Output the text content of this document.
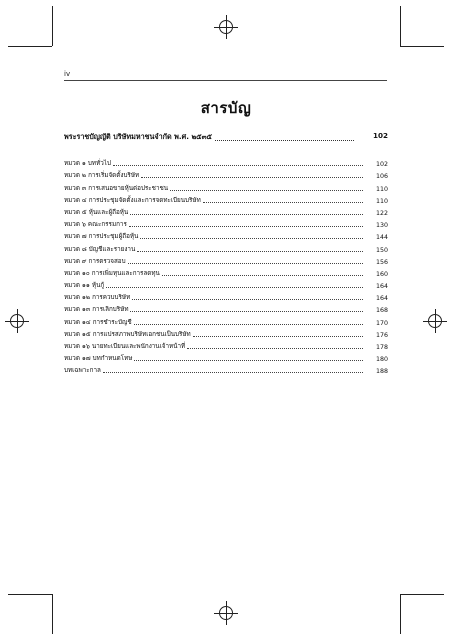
iv
สารบัญ
พระราชบัญญัติ บริษัทมหาชนจำกัด พ.ศ. ๒๕๓๕	102
หมวด ๑ บททั่วไป	102
หมวด ๒ การเริ่มจัดตั้งบริษัท	106
หมวด ๓ การเสนอขายหุ้นต่อประชาชน	110
หมวด ๔ การประชุมจัดตั้งและการจดทะเบียนบริษัท	110
หมวด ๕ หุ้นและผู้ถือหุ้น	122
หมวด ๖ คณะกรรมการ	130
หมวด ๗ การประชุมผู้ถือหุ้น	144
หมวด ๘ บัญชีและรายงาน	150
หมวด ๙ การตรวจสอบ	156
หมวด ๑๐ การเพิ่มทุนและการลดทุน	160
หมวด ๑๑ หุ้นกู้	164
หมวด ๑๒ การควบบริษัท	164
หมวด ๑๓ การเลิกบริษัท	168
หมวด ๑๔ การชำระบัญชี	170
หมวด ๑๕ การแปรสภาพบริษัทเอกชนเป็นบริษัท	176
หมวด ๑๖ นายทะเบียนและพนักงานเจ้าหน้าที่	178
หมวด ๑๗ บทกำหนดโทษ	180
บทเฉพาะกาล	188
